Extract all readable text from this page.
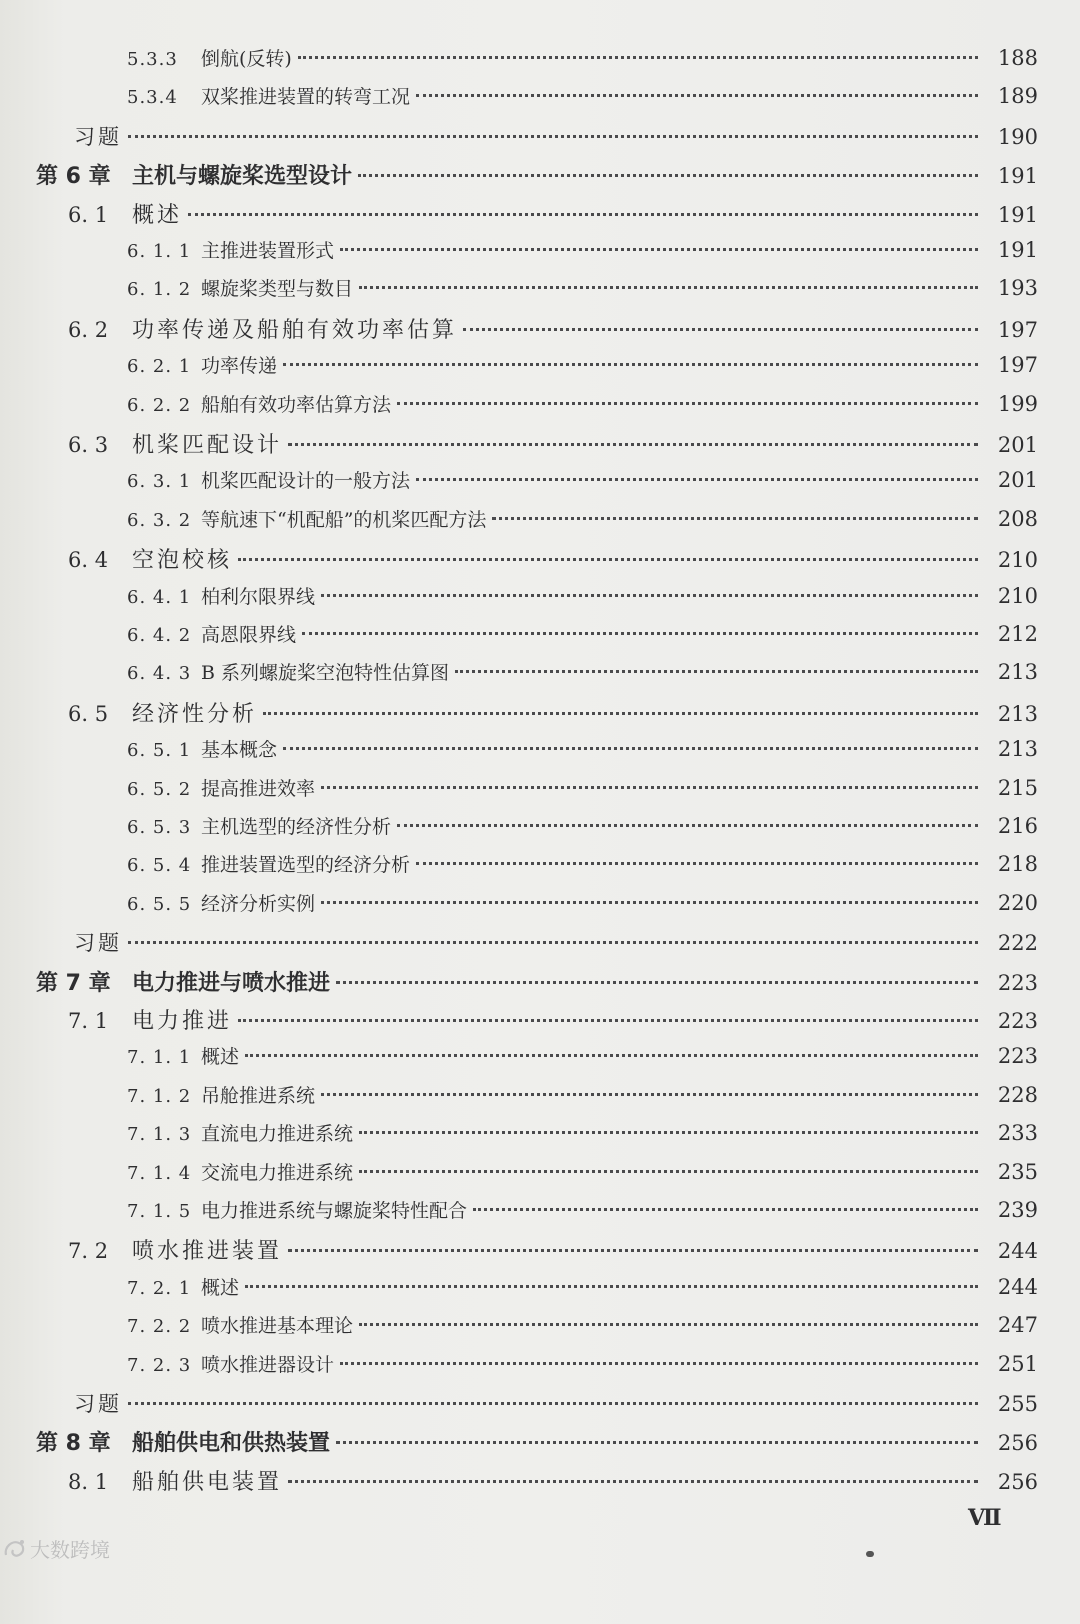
5.3.3	倒航(反转)	188
5.3.4	双桨推进装置的转弯工况	189
习题	190
第 6 章 主机与螺旋桨选型设计	191
6. 1	概述	191
6. 1. 1 主推进装置形式	191
6. 1. 2 螺旋桨类型与数目	193
6. 2	功率传递及船舶有效功率估算	197
6. 2. 1 功率传递	197
6. 2. 2 船舶有效功率估算方法	199
6. 3	机桨匹配设计	201
6. 3. 1 机桨匹配设计的一般方法	201
6. 3. 2 等航速下“机配船”的机桨匹配方法	208
6. 4	空泡校核	210
6. 4. 1 柏利尔限界线	210
6. 4. 2 高恩限界线	212
6. 4. 3 B 系列螺旋桨空泡特性估算图	213
6. 5	经济性分析	213
6. 5. 1 基本概念	213
6. 5. 2 提高推进效率	215
6. 5. 3 主机选型的经济性分析	216
6. 5. 4 推进装置选型的经济分析	218
6. 5. 5 经济分析实例	220
习题	222
第 7 章 电力推进与喷水推进	223
7. 1	电力推进	223
7. 1. 1 概述	223
7. 1. 2 吊舱推进系统	228
7. 1. 3 直流电力推进系统	233
7. 1. 4 交流电力推进系统	235
7. 1. 5 电力推进系统与螺旋桨特性配合	239
7. 2	喷水推进装置	244
7. 2. 1 概述	244
7. 2. 2 喷水推进基本理论	247
7. 2. 3 喷水推进器设计	251
习题	255
第 8 章 船舶供电和供热装置	256
8. 1	船舶供电装置	256
Ⅶ
大数跨境
